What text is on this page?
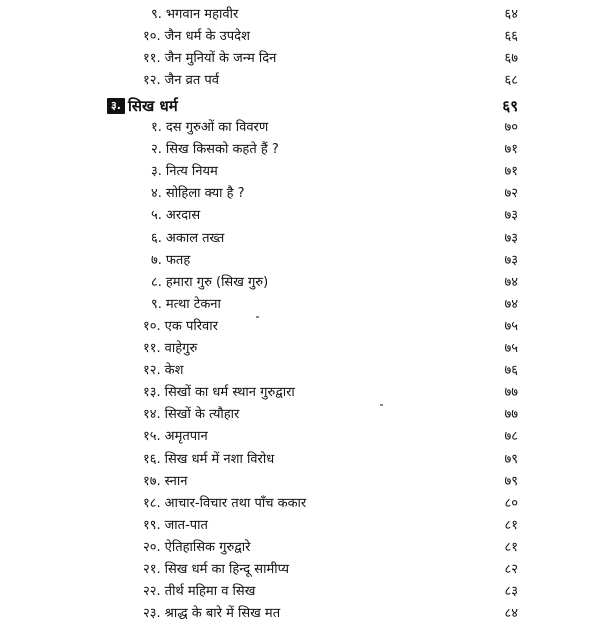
९. भगवान महावीर	६४
१०. जैन धर्म के उपदेश	६६
११. जैन मुनियों के जन्म दिन	६७
१२. जैन व्रत पर्व	६८
३. सिख धर्म	६९
१. दस गुरुओं का विवरण	७०
२. सिख किसको कहते हैं ?	७१
३. नित्य नियम	७१
४. सोहिला क्या है ?	७२
५. अरदास	७३
६. अकाल तख्त	७३
७. फतह	७३
८. हमारा गुरु (सिख गुरु)	७४
९. मत्था टेकना	७४
१०. एक परिवार	७५
११. वाहेगुरु	७५
१२. केश	७६
१३. सिखों का धर्म स्थान गुरुद्वारा	७७
१४. सिखों के त्यौहार	७७
१५. अमृतपान	७८
१६. सिख धर्म में नशा विरोध	७९
१७. स्नान	७९
१८. आचार-विचार तथा पाँच ककार	८०
१९. जात-पात	८१
२०. ऐतिहासिक गुरुद्वारे	८१
२१. सिख धर्म का हिन्दू सामीप्य	८२
२२. तीर्थ महिमा व सिख	८३
२३. श्राद्ध के बारे में सिख मत	८४
